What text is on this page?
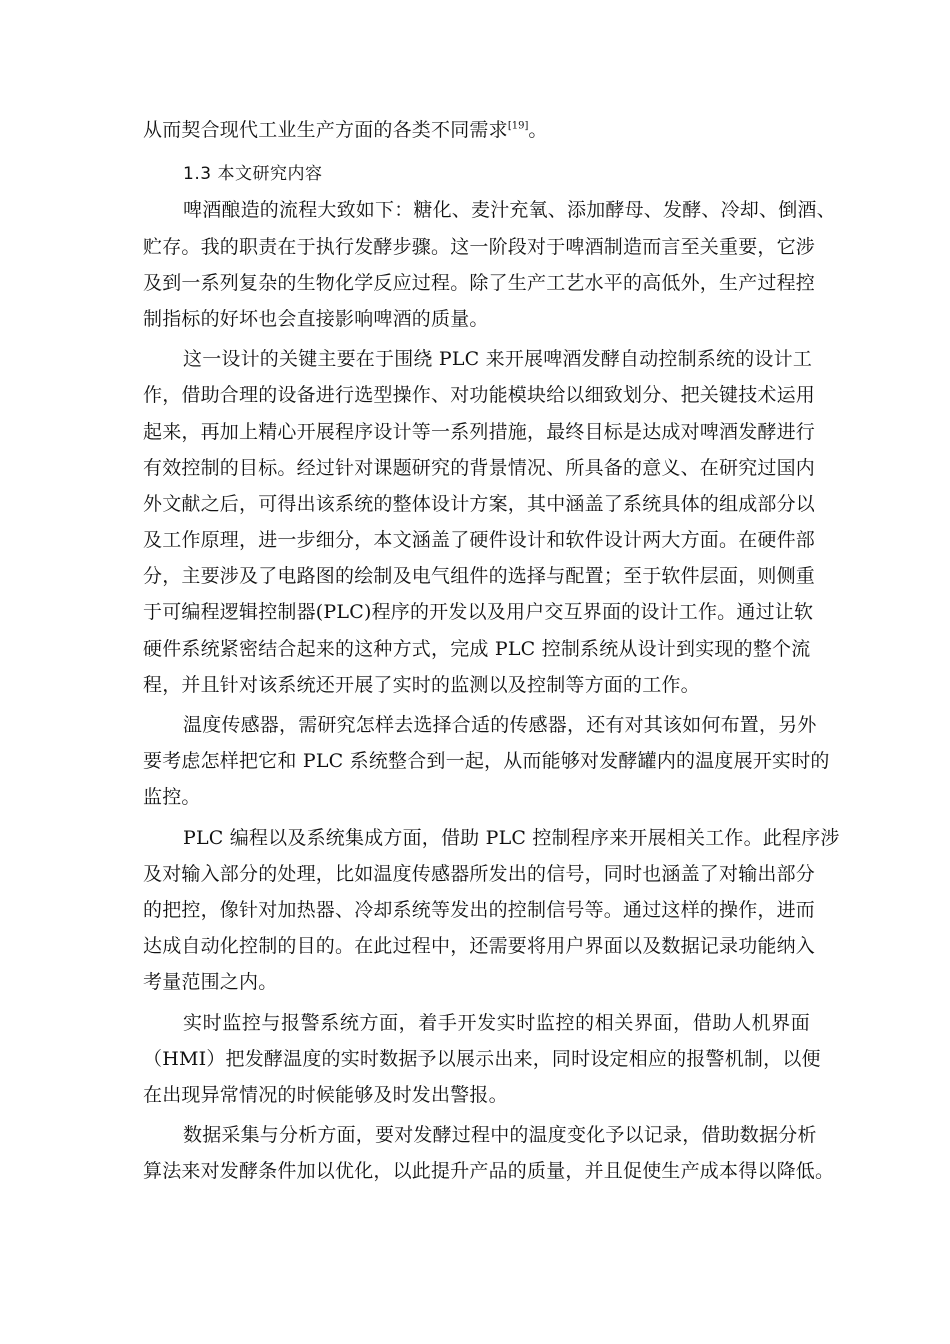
从而契合现代工业生产方面的各类不同需求[19]。
1.3 本文研究内容
啤酒酿造的流程大致如下：糖化、麦汁充氧、添加酵母、发酵、冷却、倒酒、
贮存。我的职责在于执行发酵步骤。这一阶段对于啤酒制造而言至关重要，它涉
及到一系列复杂的生物化学反应过程。除了生产工艺水平的高低外，生产过程控
制指标的好坏也会直接影响啤酒的质量。
这一设计的关键主要在于围绕 PLC 来开展啤酒发酵自动控制系统的设计工
作，借助合理的设备进行选型操作、对功能模块给以细致划分、把关键技术运用
起来，再加上精心开展程序设计等一系列措施，最终目标是达成对啤酒发酵进行
有效控制的目标。经过针对课题研究的背景情况、所具备的意义、在研究过国内
外文献之后，可得出该系统的整体设计方案，其中涵盖了系统具体的组成部分以
及工作原理，进一步细分，本文涵盖了硬件设计和软件设计两大方面。在硬件部
分，主要涉及了电路图的绘制及电气组件的选择与配置；至于软件层面，则侧重
于可编程逻辑控制器(PLC)程序的开发以及用户交互界面的设计工作。通过让软
硬件系统紧密结合起来的这种方式，完成 PLC 控制系统从设计到实现的整个流
程，并且针对该系统还开展了实时的监测以及控制等方面的工作。
温度传感器，需研究怎样去选择合适的传感器，还有对其该如何布置，另外
要考虑怎样把它和 PLC 系统整合到一起，从而能够对发酵罐内的温度展开实时的
监控。
PLC 编程以及系统集成方面，借助 PLC 控制程序来开展相关工作。此程序涉
及对输入部分的处理，比如温度传感器所发出的信号，同时也涵盖了对输出部分
的把控，像针对加热器、冷却系统等发出的控制信号等。通过这样的操作，进而
达成自动化控制的目的。在此过程中，还需要将用户界面以及数据记录功能纳入
考量范围之内。
实时监控与报警系统方面，着手开发实时监控的相关界面，借助人机界面
（HMI）把发酵温度的实时数据予以展示出来，同时设定相应的报警机制，以便
在出现异常情况的时候能够及时发出警报。
数据采集与分析方面，要对发酵过程中的温度变化予以记录，借助数据分析
算法来对发酵条件加以优化，以此提升产品的质量，并且促使生产成本得以降低。
